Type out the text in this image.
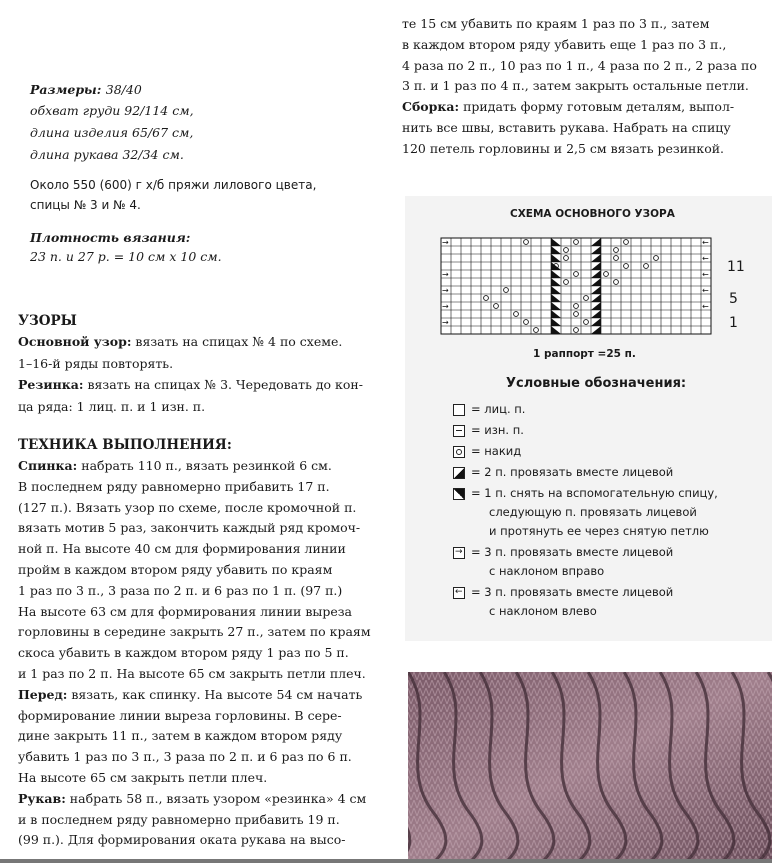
Размеры: 38/40
обхват груди 92/114 см,
длина изделия 65/67 см,
длина рукава 32/34 см.
Около 550 (600) г х/б пряжи лилового цвета,
спицы № 3 и № 4.
Плотность вязания:
23 п. и 27 р. = 10 см х 10 см.
УЗОРЫ
Основной узор: вязать на спицах № 4 по схеме.
1–16-й ряды повторять.
Резинка: вязать на спицах № 3. Чередовать до кон-
ца ряда: 1 лиц. п. и 1 изн. п.
ТЕХНИКА ВЫПОЛНЕНИЯ:
Спинка: набрать 110 п., вязать резинкой 6 см.
В последнем ряду равномерно прибавить 17 п.
(127 п.). Вязать узор по схеме, после кромочной п.
вязать мотив 5 раз, закончить каждый ряд кромоч-
ной п. На высоте 40 см для формирования линии
пройм в каждом втором ряду убавить по краям
1 раз по 3 п., 3 раза по 2 п. и 6 раз по 1 п. (97 п.)
На высоте 63 см для формирования линии выреза
горловины в середине закрыть 27 п., затем по краям
скоса убавить в каждом втором ряду 1 раз по 5 п.
и 1 раз по 2 п. На высоте 65 см закрыть петли плеч.
Перед: вязать, как спинку. На высоте 54 см начать
формирование линии выреза горловины. В сере-
дине закрыть 11 п., затем в каждом втором ряду
убавить 1 раз по 3 п., 3 раза по 2 п. и 6 раз по 6 п.
На высоте 65 см закрыть петли плеч.
Рукав: набрать 58 п., вязать узором «резинка» 4 см
и в последнем ряду равномерно прибавить 19 п.
(99 п.). Для формирования оката рукава на высо-
те 15 см убавить по краям 1 раз по 3 п., затем
в каждом втором ряду убавить еще 1 раз по 3 п.,
4 раза по 2 п., 10 раз по 1 п., 4 раза по 2 п., 2 раза по
3 п. и 1 раз по 4 п., затем закрыть остальные петли.
Сборка: придать форму готовым деталям, выпол-
нить все швы, вставить рукава. Набрать на спицу
120 петель горловины и 2,5 см вязать резинкой.
СХЕМА ОСНОВНОГО УЗОРА
→	←
←
→	←
→	←
→	←
→
11
5
1
1 раппорт =25 п.
Условные обозначения:
= лиц. п.
= изн. п.
= накид
= 2 п. провязать вместе лицевой
= 1 п. снять на вспомогательную спицу,
следующую п. провязать лицевой
и протянуть ее через снятую петлю
→ = 3 п. провязать вместе лицевой
с наклоном вправо
← = 3 п. провязать вместе лицевой
с наклоном влево
